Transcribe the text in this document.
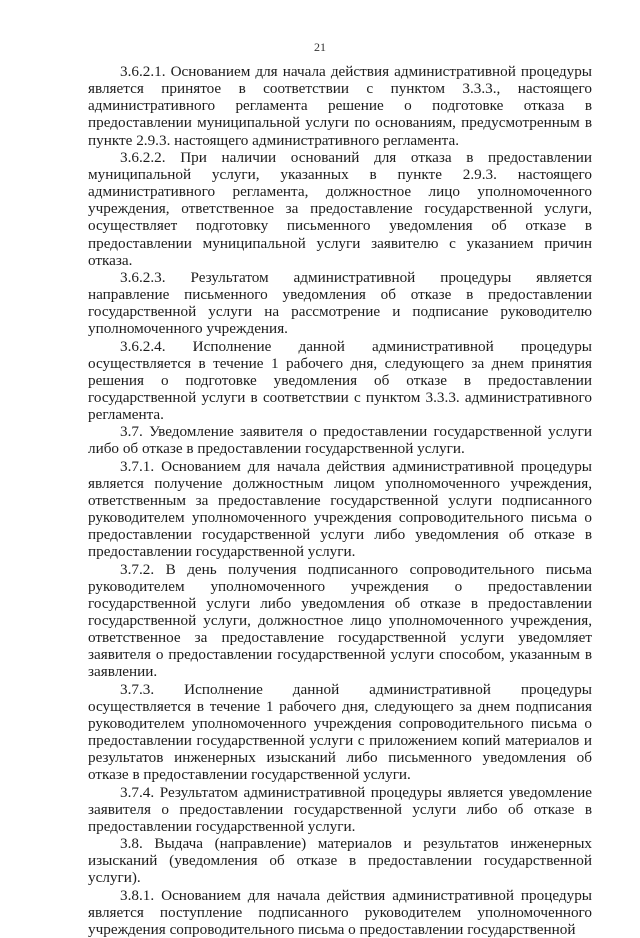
21

3.6.2.1. Основанием для начала действия административной процедуры является принятое в соответствии с пунктом 3.3.3., настоящего административного регламента решение о подготовке отказа в предоставлении муниципальной услуги по основаниям, предусмотренным в пункте 2.9.3. настоящего административного регламента.

3.6.2.2. При наличии оснований для отказа в предоставлении муниципальной услуги, указанных в пункте 2.9.3. настоящего административного регламента, должностное лицо уполномоченного учреждения, ответственное за предоставление государственной услуги, осуществляет подготовку письменного уведомления об отказе в предоставлении муниципальной услуги заявителю с указанием причин отказа.

3.6.2.3. Результатом административной процедуры является направление письменного уведомления об отказе в предоставлении государственной услуги на рассмотрение и подписание руководителю уполномоченного учреждения.

3.6.2.4. Исполнение данной административной процедуры осуществляется в течение 1 рабочего дня, следующего за днем принятия решения о подготовке уведомления об отказе в предоставлении государственной услуги в соответствии с пунктом 3.3.3. административного регламента.

3.7. Уведомление заявителя о предоставлении государственной услуги либо об отказе в предоставлении государственной услуги.

3.7.1. Основанием для начала действия административной процедуры является получение должностным лицом уполномоченного учреждения, ответственным за предоставление государственной услуги подписанного руководителем уполномоченного учреждения сопроводительного письма о предоставлении государственной услуги либо уведомления об отказе в предоставлении государственной услуги.

3.7.2. В день получения подписанного сопроводительного письма руководителем уполномоченного учреждения о предоставлении государственной услуги либо уведомления об отказе в предоставлении государственной услуги, должностное лицо уполномоченного учреждения, ответственное за предоставление государственной услуги уведомляет заявителя о предоставлении государственной услуги способом, указанным в заявлении.

3.7.3. Исполнение данной административной процедуры осуществляется в течение 1 рабочего дня, следующего за днем подписания руководителем уполномоченного учреждения сопроводительного письма о предоставлении государственной услуги с приложением копий материалов и результатов инженерных изысканий либо письменного уведомления об отказе в предоставлении государственной услуги.

3.7.4. Результатом административной процедуры является уведомление заявителя о предоставлении государственной услуги либо об отказе в предоставлении государственной услуги.

3.8. Выдача (направление) материалов и результатов инженерных изысканий (уведомления об отказе в предоставлении государственной услуги).

3.8.1. Основанием для начала действия административной процедуры является поступление подписанного руководителем уполномоченного учреждения сопроводительного письма о предоставлении государственной
